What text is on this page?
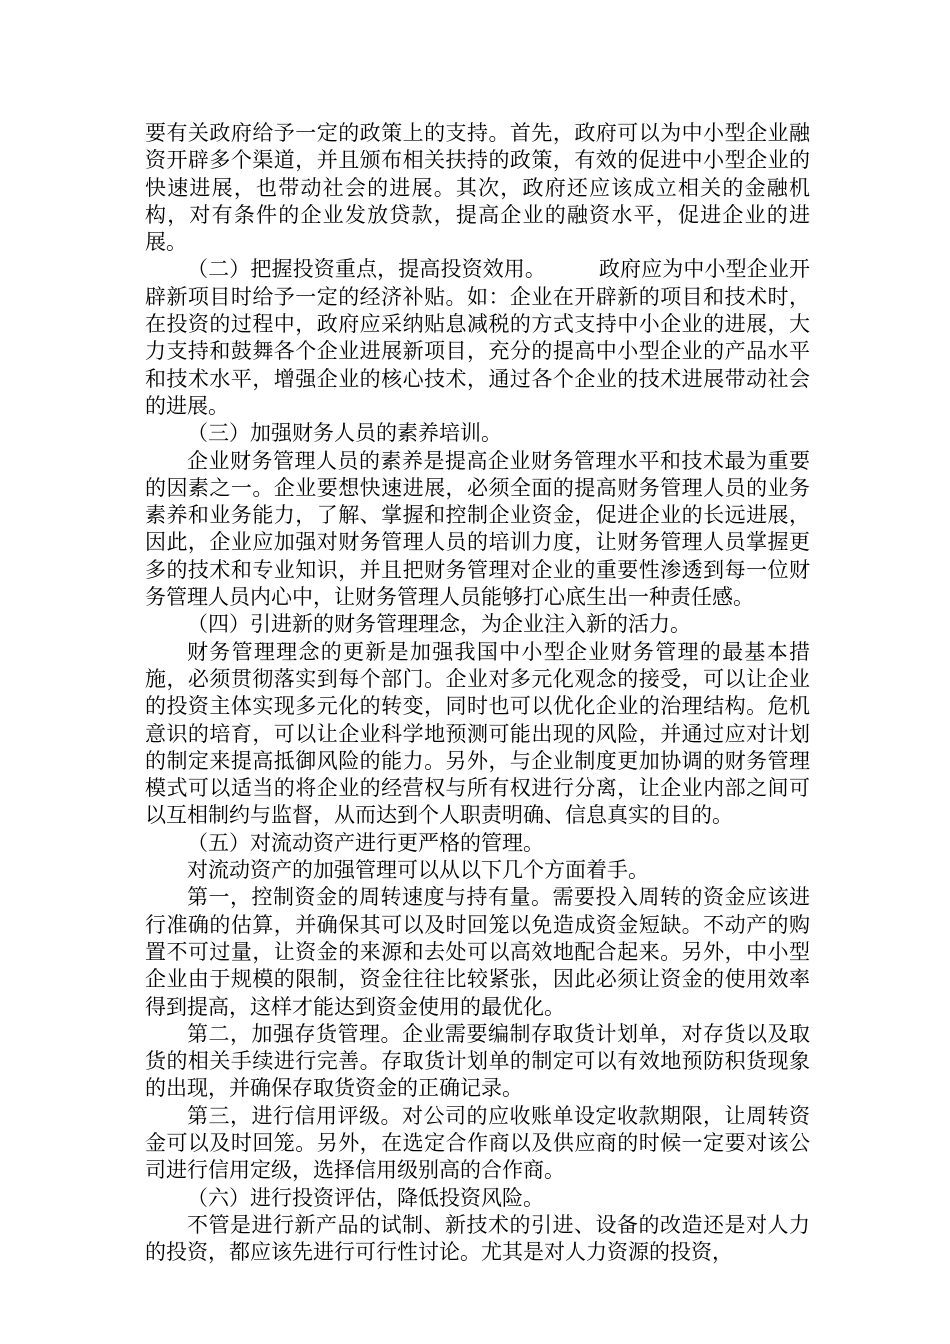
要有关政府给予一定的政策上的支持。首先，政府可以为中小型企业融资开辟多个渠道，并且颁布相关扶持的政策，有效的促进中小型企业的快速进展，也带动社会的进展。其次，政府还应该成立相关的金融机构，对有条件的企业发放贷款，提高企业的融资水平，促进企业的进展。

（二）把握投资重点，提高投资效用。　　　政府应为中小型企业开辟新项目时给予一定的经济补贴。如：企业在开辟新的项目和技术时，在投资的过程中，政府应采纳贴息减税的方式支持中小企业的进展，大力支持和鼓舞各个企业进展新项目，充分的提高中小型企业的产品水平和技术水平，增强企业的核心技术，通过各个企业的技术进展带动社会的进展。

（三）加强财务人员的素养培训。

企业财务管理人员的素养是提高企业财务管理水平和技术最为重要的因素之一。企业要想快速进展，必须全面的提高财务管理人员的业务素养和业务能力，了解、掌握和控制企业资金，促进企业的长远进展，因此，企业应加强对财务管理人员的培训力度，让财务管理人员掌握更多的技术和专业知识，并且把财务管理对企业的重要性渗透到每一位财务管理人员内心中，让财务管理人员能够打心底生出一种责任感。

（四）引进新的财务管理理念，为企业注入新的活力。

财务管理理念的更新是加强我国中小型企业财务管理的最基本措施，必须贯彻落实到每个部门。企业对多元化观念的接受，可以让企业的投资主体实现多元化的转变，同时也可以优化企业的治理结构。危机意识的培育，可以让企业科学地预测可能出现的风险，并通过应对计划的制定来提高抵御风险的能力。另外，与企业制度更加协调的财务管理模式可以适当的将企业的经营权与所有权进行分离，让企业内部之间可以互相制约与监督，从而达到个人职责明确、信息真实的目的。

（五）对流动资产进行更严格的管理。

对流动资产的加强管理可以从以下几个方面着手。

第一，控制资金的周转速度与持有量。需要投入周转的资金应该进行准确的估算，并确保其可以及时回笼以免造成资金短缺。不动产的购置不可过量，让资金的来源和去处可以高效地配合起来。另外，中小型企业由于规模的限制，资金往往比较紧张，因此必须让资金的使用效率得到提高，这样才能达到资金使用的最优化。

第二，加强存货管理。企业需要编制存取货计划单，对存货以及取货的相关手续进行完善。存取货计划单的制定可以有效地预防积货现象的出现，并确保存取货资金的正确记录。

第三，进行信用评级。对公司的应收账单设定收款期限，让周转资金可以及时回笼。另外，在选定合作商以及供应商的时候一定要对该公司进行信用定级，选择信用级别高的合作商。

（六）进行投资评估，降低投资风险。

不管是进行新产品的试制、新技术的引进、设备的改造还是对人力的投资，都应该先进行可行性讨论。尤其是对人力资源的投资，
